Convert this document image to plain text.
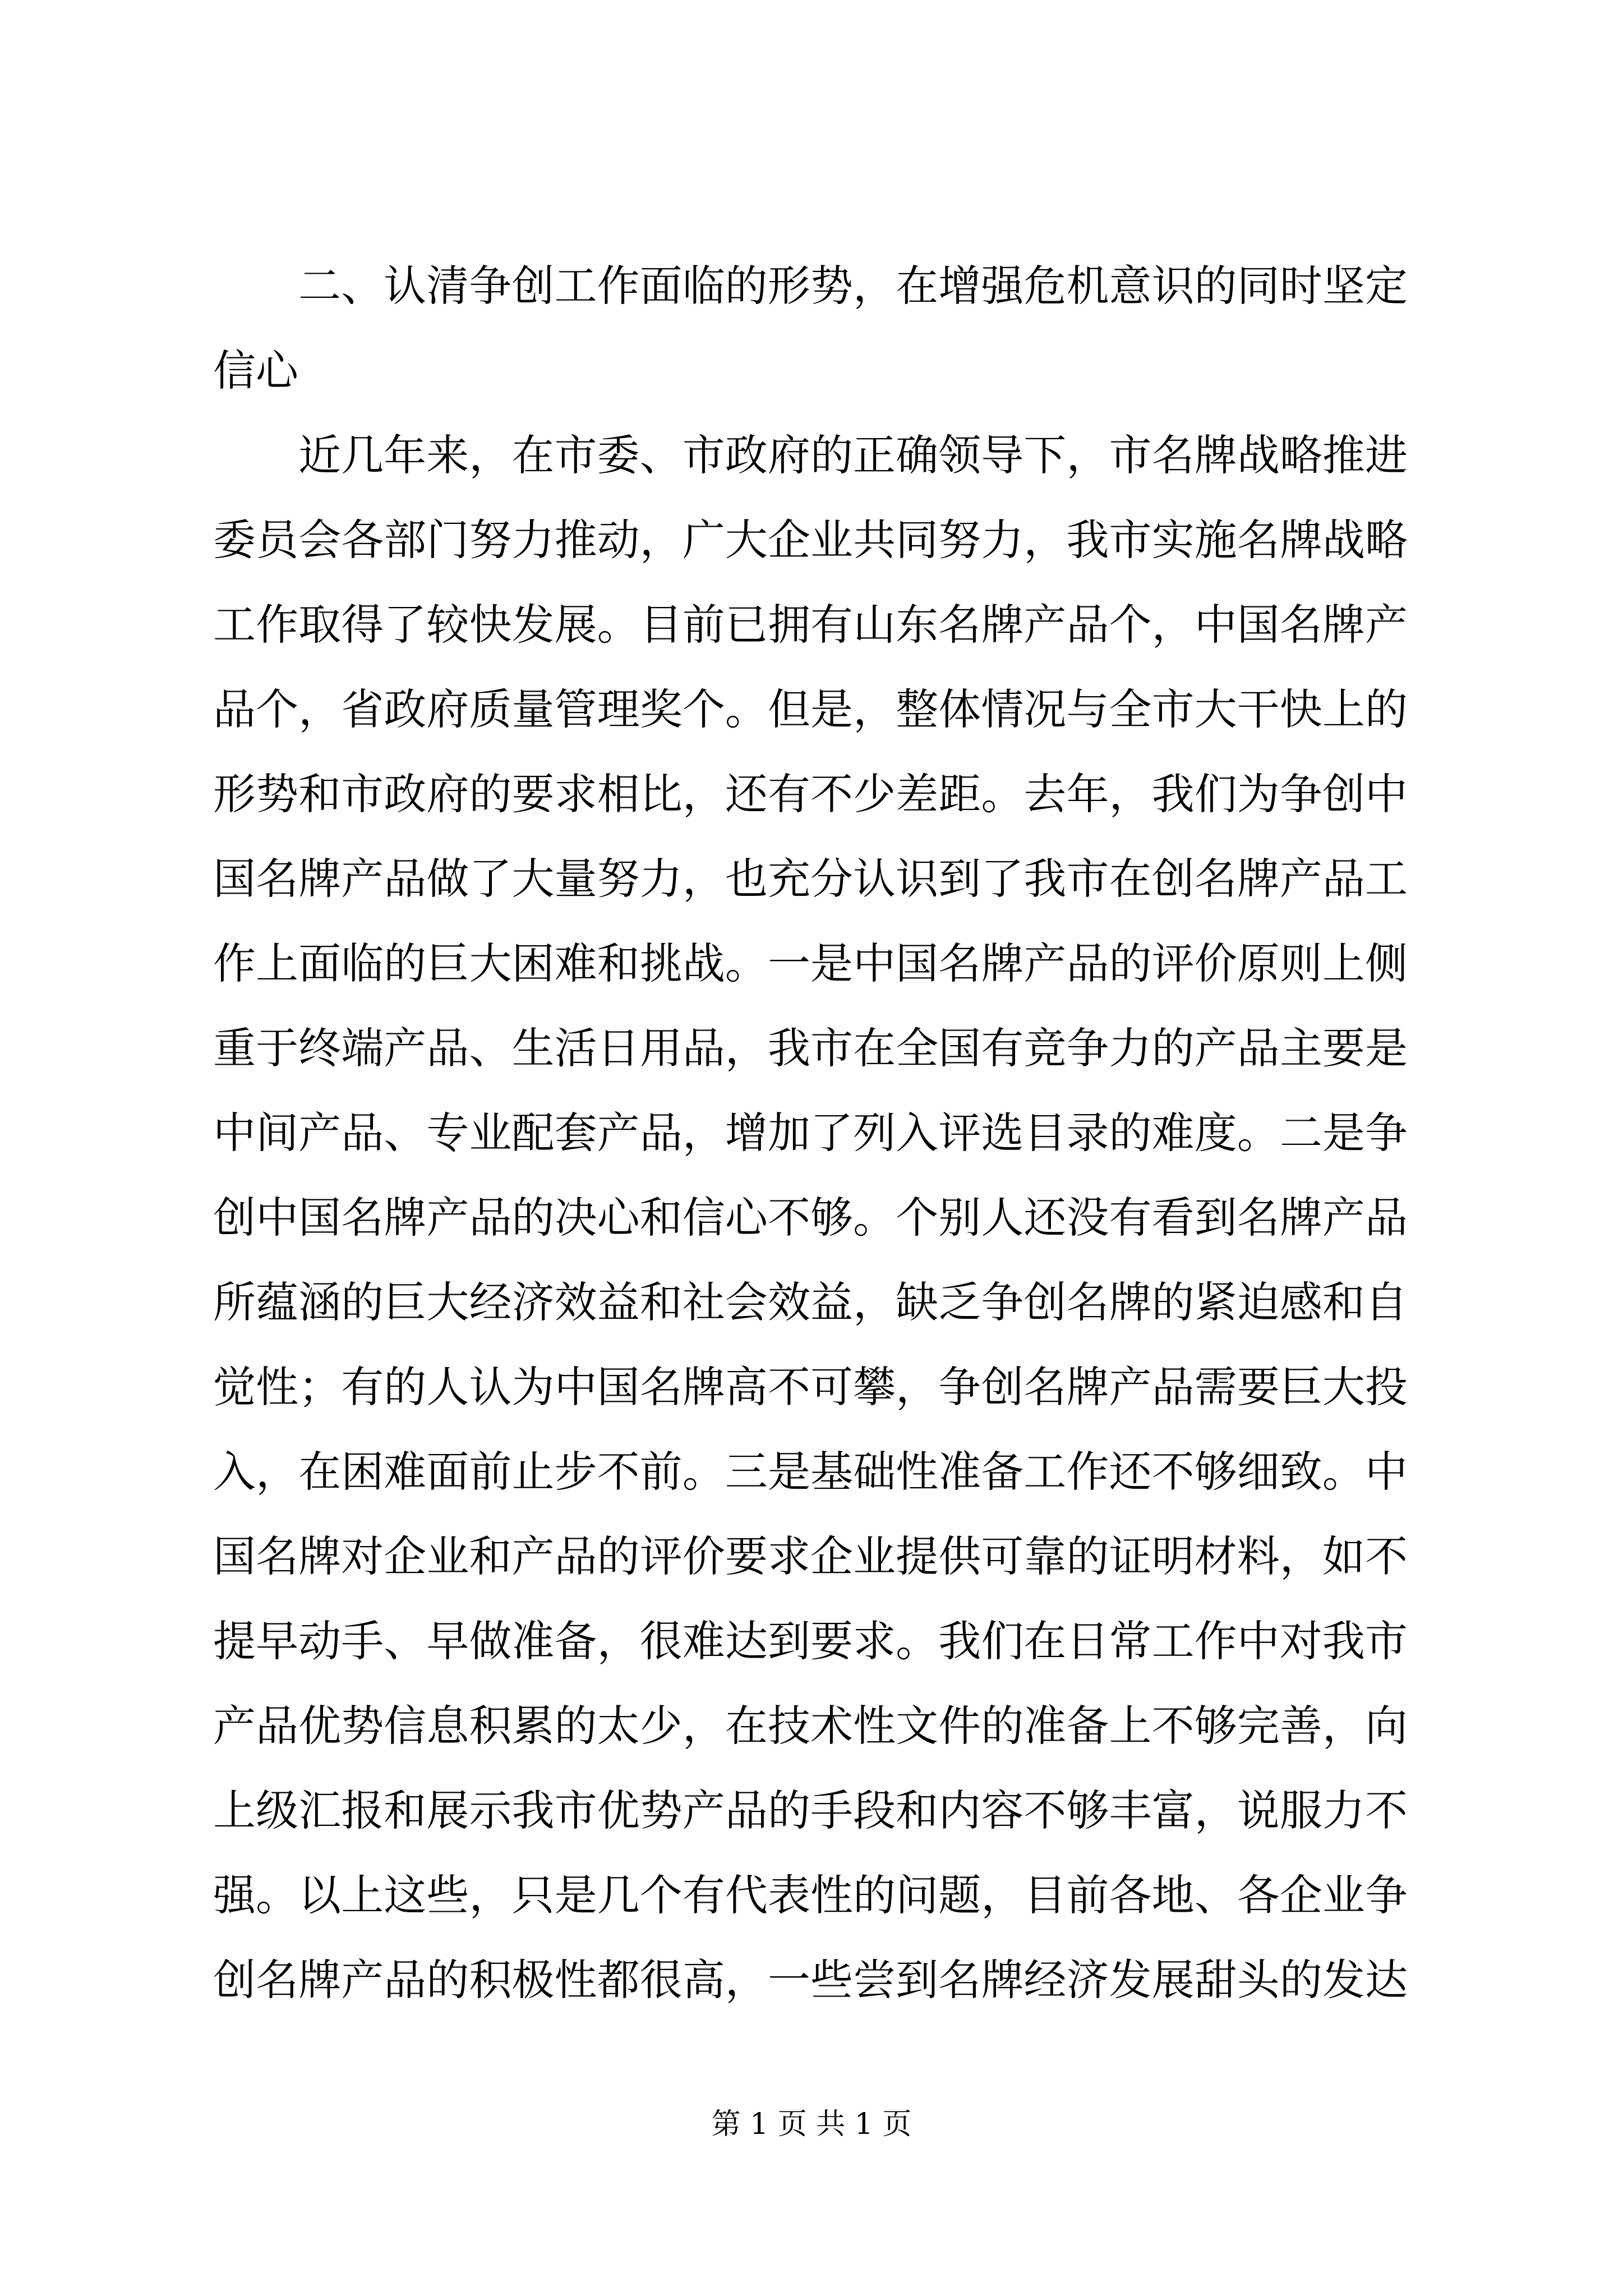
二、认清争创工作面临的形势，在增强危机意识的同时坚定
信心
近几年来，在市委、市政府的正确领导下，市名牌战略推进
委员会各部门努力推动，广大企业共同努力，我市实施名牌战略
工作取得了较快发展。目前已拥有山东名牌产品个，中国名牌产
品个，省政府质量管理奖个。但是，整体情况与全市大干快上的
形势和市政府的要求相比，还有不少差距。去年，我们为争创中
国名牌产品做了大量努力，也充分认识到了我市在创名牌产品工
作上面临的巨大困难和挑战。一是中国名牌产品的评价原则上侧
重于终端产品、生活日用品，我市在全国有竞争力的产品主要是
中间产品、专业配套产品，增加了列入评选目录的难度。二是争
创中国名牌产品的决心和信心不够。个别人还没有看到名牌产品
所蕴涵的巨大经济效益和社会效益，缺乏争创名牌的紧迫感和自
觉性；有的人认为中国名牌高不可攀，争创名牌产品需要巨大投
入，在困难面前止步不前。三是基础性准备工作还不够细致。中
国名牌对企业和产品的评价要求企业提供可靠的证明材料，如不
提早动手、早做准备，很难达到要求。我们在日常工作中对我市
产品优势信息积累的太少，在技术性文件的准备上不够完善，向
上级汇报和展示我市优势产品的手段和内容不够丰富，说服力不
强。以上这些，只是几个有代表性的问题，目前各地、各企业争
创名牌产品的积极性都很高，一些尝到名牌经济发展甜头的发达
第 1 页 共 1 页
